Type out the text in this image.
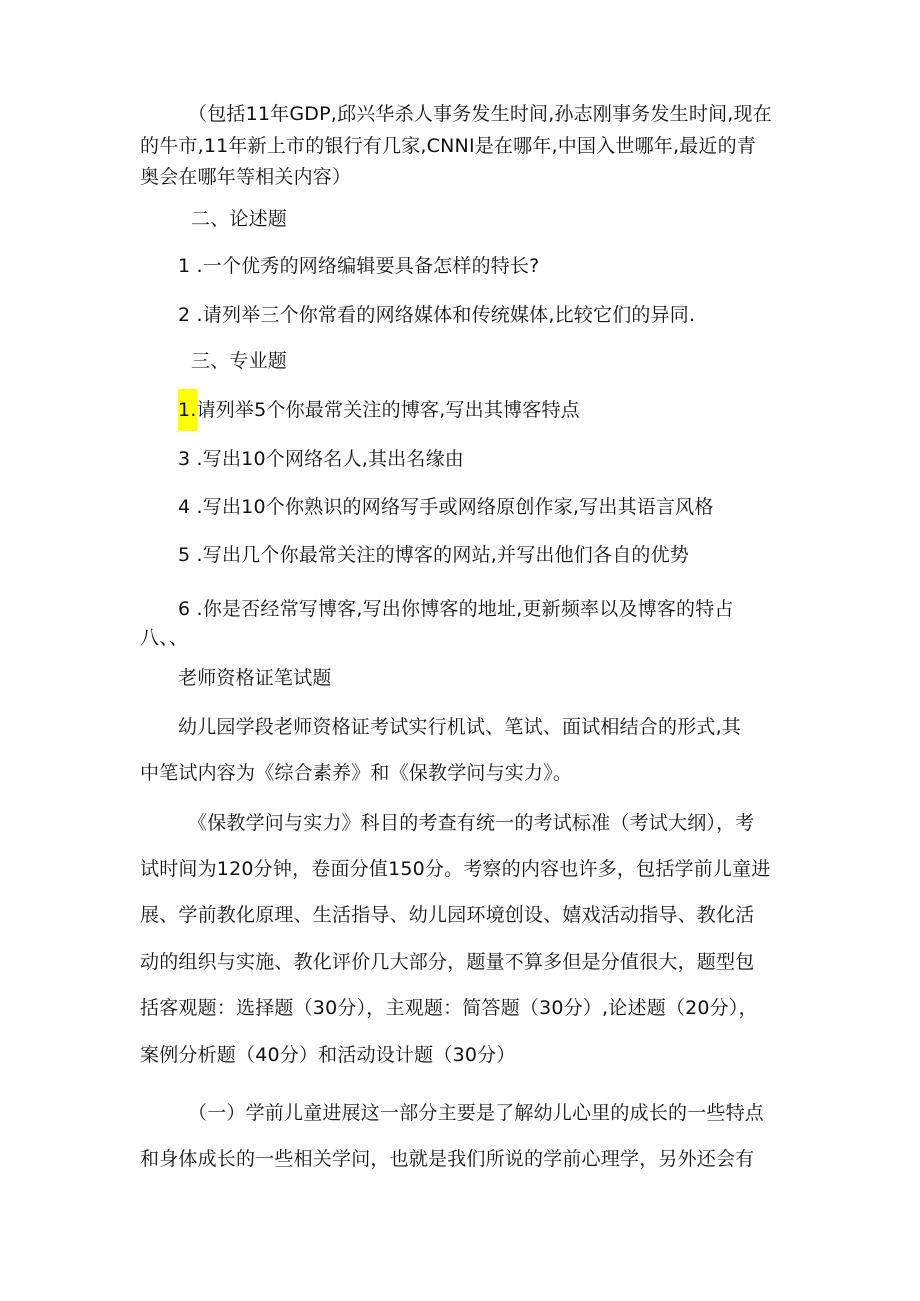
（包括11年GDP,邱兴华杀人事务发生时间,孙志刚事务发生时间,现在
的牛市,11年新上市的银行有几家,CNNI是在哪年,中国入世哪年,最近的青
奥会在哪年等相关内容）
二、论述题
1 .一个优秀的网络编辑要具备怎样的特长?
2 .请列举三个你常看的网络媒体和传统媒体,比较它们的异同.
三、专业题
1.请列举5个你最常关注的博客,写出其博客特点
3 .写出10个网络名人,其出名缘由
4 .写出10个你熟识的网络写手或网络原创作家,写出其语言风格
5 .写出几个你最常关注的博客的网站,并写出他们各自的优势
6 .你是否经常写博客,写出你博客的地址,更新频率以及博客的特占
八、、
老师资格证笔试题
幼儿园学段老师资格证考试实行机试、笔试、面试相结合的形式,其
中笔试内容为《综合素养》和《保教学问与实力》。
《保教学问与实力》科目的考查有统一的考试标准（考试大纲），考
试时间为120分钟，卷面分值150分。考察的内容也许多，包括学前儿童进
展、学前教化原理、生活指导、幼儿园环境创设、嬉戏活动指导、教化活
动的组织与实施、教化评价几大部分，题量不算多但是分值很大，题型包
括客观题：选择题（30分），主观题：简答题（30分）,论述题（20分），
案例分析题（40分）和活动设计题（30分）
（一）学前儿童进展这一部分主要是了解幼儿心里的成长的一些特点
和身体成长的一些相关学问，也就是我们所说的学前心理学，另外还会有
